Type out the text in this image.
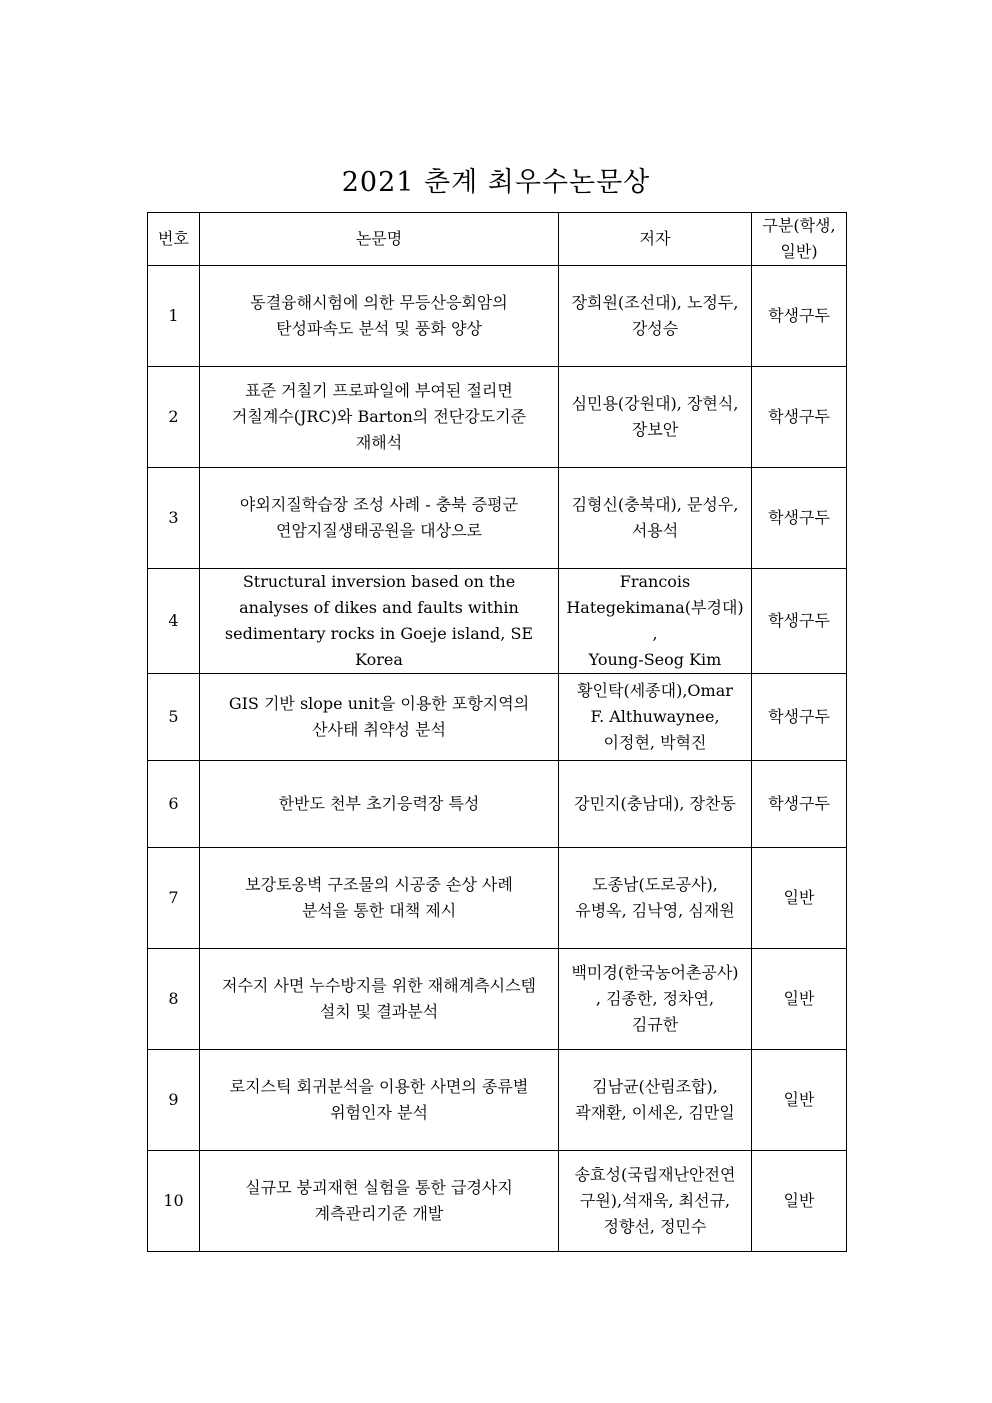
2021 춘계 최우수논문상
번호	논문명	저자	구분(학생,
일반)
1	동결융해시험에 의한 무등산응회암의
탄성파속도 분석 및 풍화 양상	장희원(조선대), 노정두,
강성승	학생구두
2	표준 거칠기 프로파일에 부여된 절리면
거칠계수(JRC)와 Barton의 전단강도기준
재해석	심민용(강원대), 장현식,
장보안	학생구두
3	야외지질학습장 조성 사례 - 충북 증평군
연암지질생태공원을 대상으로	김형신(충북대), 문성우,
서용석	학생구두
4	Structural inversion based on the
analyses of dikes and faults within
sedimentary rocks in Goeje island, SE
Korea	Francois
Hategekimana(부경대)
,
Young-Seog Kim	학생구두
5	GIS 기반 slope unit을 이용한 포항지역의
산사태 취약성 분석	황인탁(세종대),Omar
F. Althuwaynee,
이정현, 박혁진	학생구두
6	한반도 천부 초기응력장 특성	강민지(충남대), 장찬동	학생구두
7	보강토옹벽 구조물의 시공중 손상 사례
분석을 통한 대책 제시	도종남(도로공사),
유병옥, 김낙영, 심재원	일반
8	저수지 사면 누수방지를 위한 재해계측시스템
설치 및 결과분석	백미경(한국농어촌공사)
, 김종한, 정차연,
김규한	일반
9	로지스틱 회귀분석을 이용한 사면의 종류별
위험인자 분석	김남균(산림조합),
곽재환, 이세온, 김만일	일반
10	실규모 붕괴재현 실험을 통한 급경사지
계측관리기준 개발	송효성(국립재난안전연
구원),석재욱, 최선규,
정향선, 정민수	일반
